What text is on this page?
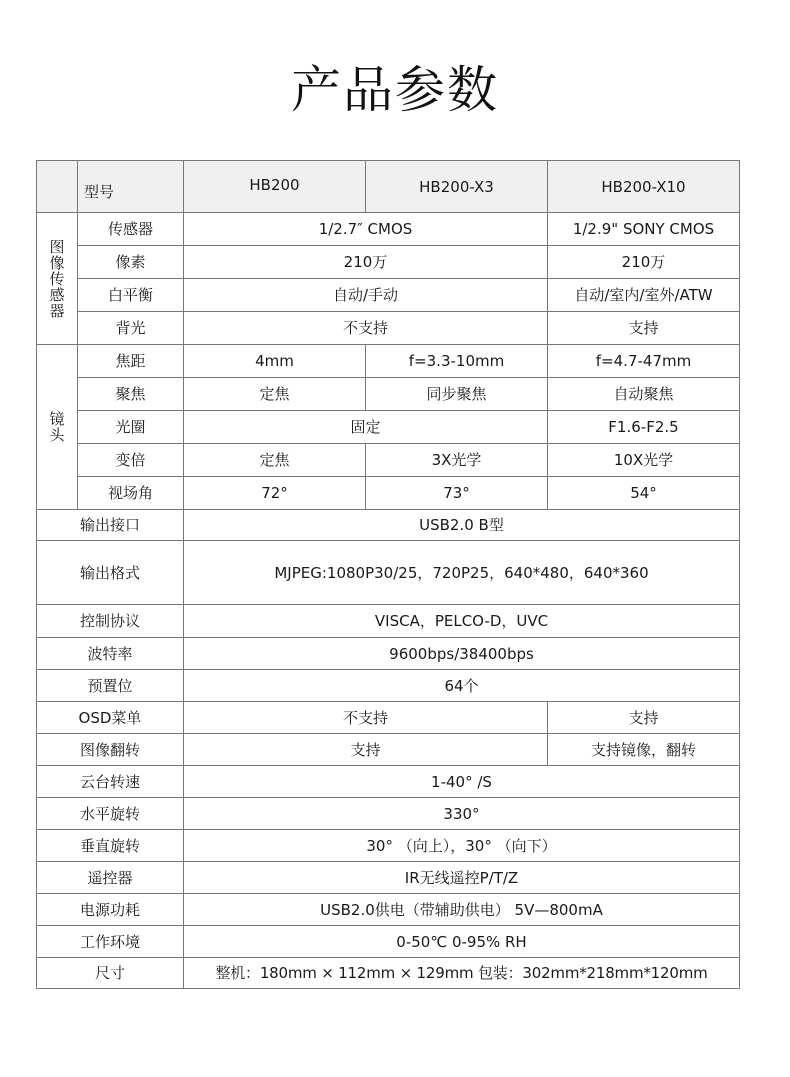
产品参数
	型号	HB200	HB200-X3	HB200-X10

图
像
传
感
器	传感器	1/2.7″ CMOS		1/2.9" SONY CMOS
	像素	210万		210万
	白平衡	自动/手动		自动/室内/室外/ATW
	背光	不支持		支持

镜
头	焦距	4mm	f=3.3-10mm	f=4.7-47mm
	聚焦	定焦	同步聚焦	自动聚焦
	光圈	固定		F1.6-F2.5
	变倍	定焦	3X光学	10X光学
	视场角	72°	73°	54°
输出接口		USB2.0 B型		
输出格式		MJPEG:1080P30/25，720P25，640*480，640*360		
控制协议		VISCA，PELCO-D，UVC		
波特率		9600bps/38400bps		
预置位		64个		
OSD菜单		不支持		支持
图像翻转		支持		支持镜像，翻转
云台转速		1-40° /S		
水平旋转		330°		
垂直旋转		30° （向上），30° （向下）		
遥控器		IR无线遥控P/T/Z		
电源功耗		USB2.0供电（带辅助供电） 5V—800mA		
工作环境		0-50℃ 0-95% RH		
尺寸		整机：180mm × 112mm × 129mm 包装：302mm*218mm*120mm		
